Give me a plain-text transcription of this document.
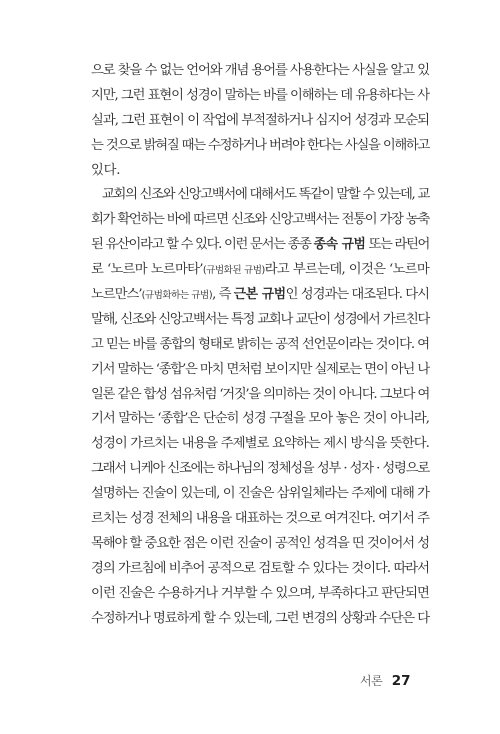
으로 찾을 수 없는 언어와 개념 용어를 사용한다는 사실을 알고 있
지만, 그런 표현이 성경이 말하는 바를 이해하는 데 유용하다는 사
실과, 그런 표현이 이 작업에 부적절하거나 심지어 성경과 모순되
는 것으로 밝혀질 때는 수정하거나 버려야 한다는 사실을 이해하고
있다.
교회의 신조와 신앙고백서에 대해서도 똑같이 말할 수 있는데, 교
회가 확언하는 바에 따르면 신조와 신앙고백서는 전통이 가장 농축
된 유산이라고 할 수 있다. 이런 문서는 종종 종속 규범 또는 라틴어
로 ‘노르마 노르마타’(규범화된 규범)라고 부르는데, 이것은 ‘노르마
노르만스’(규범화하는 규범), 즉 근본 규범인 성경과는 대조된다. 다시
말해, 신조와 신앙고백서는 특정 교회나 교단이 성경에서 가르친다
고 믿는 바를 종합의 형태로 밝히는 공적 선언문이라는 것이다. 여
기서 말하는 ‘종합’은 마치 면처럼 보이지만 실제로는 면이 아닌 나
일론 같은 합성 섬유처럼 ‘거짓’을 의미하는 것이 아니다. 그보다 여
기서 말하는 ‘종합’은 단순히 성경 구절을 모아 놓은 것이 아니라,
성경이 가르치는 내용을 주제별로 요약하는 제시 방식을 뜻한다.
그래서 니케아 신조에는 하나님의 정체성을 성부 · 성자 · 성령으로
설명하는 진술이 있는데, 이 진술은 삼위일체라는 주제에 대해 가
르치는 성경 전체의 내용을 대표하는 것으로 여겨진다. 여기서 주
목해야 할 중요한 점은 이런 진술이 공적인 성격을 띤 것이어서 성
경의 가르침에 비추어 공적으로 검토할 수 있다는 것이다. 따라서
이런 진술은 수용하거나 거부할 수 있으며, 부족하다고 판단되면
수정하거나 명료하게 할 수 있는데, 그런 변경의 상황과 수단은 다
서론 27
